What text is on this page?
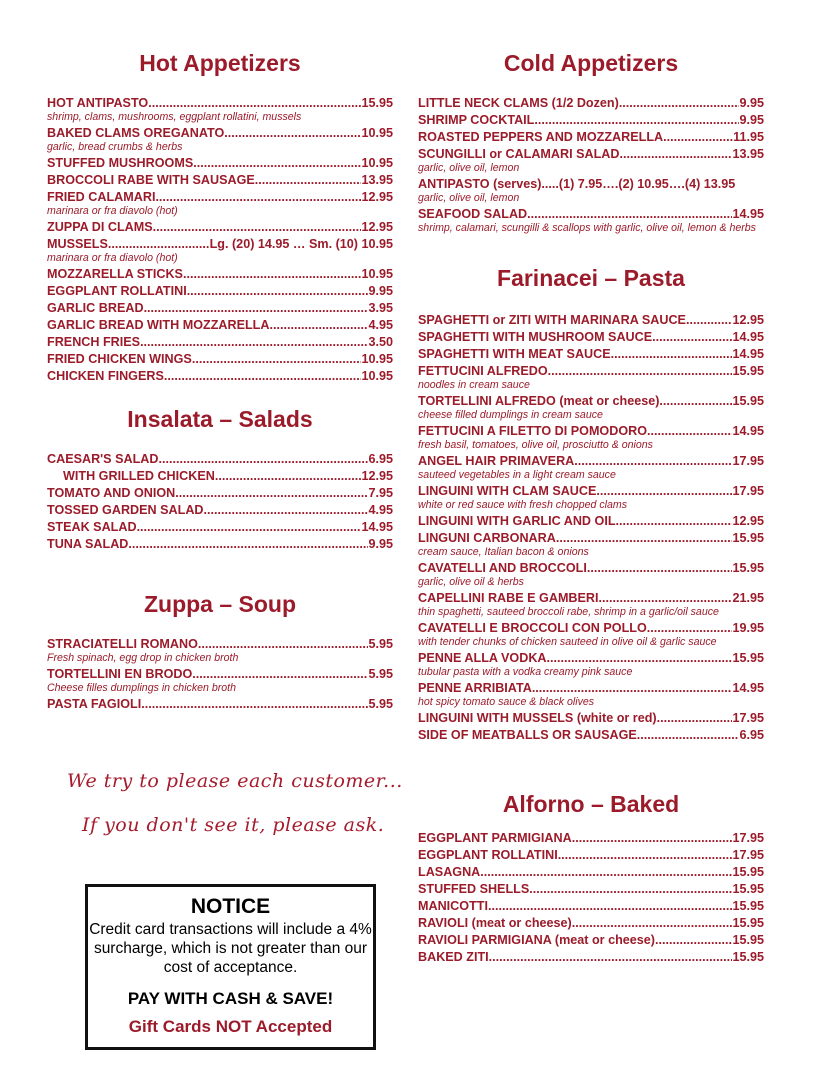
Hot Appetizers
HOT ANTIPASTO .....	15.95
shrimp, clams, mushrooms, eggplant rollatini, mussels
BAKED CLAMS OREGANATO .....	10.95
garlic, bread crumbs & herbs
STUFFED MUSHROOMS .....	10.95
BROCCOLI RABE WITH SAUSAGE .....	13.95
FRIED CALAMARI .....	12.95
marinara or fra diavolo (hot)
ZUPPA DI CLAMS .....	12.95
MUSSELS .....	Lg. (20) 14.95 … Sm. (10) 10.95
marinara or fra diavolo (hot)
MOZZARELLA STICKS .....	10.95
EGGPLANT ROLLATINI .....	9.95
GARLIC BREAD .....	3.95
GARLIC BREAD WITH MOZZARELLA .....	4.95
FRENCH FRIES .....	3.50
FRIED CHICKEN WINGS .....	10.95
CHICKEN FINGERS .....	10.95
Insalata – Salads
CAESAR'S SALAD .....	6.95
WITH GRILLED CHICKEN .....	12.95
TOMATO AND ONION .....	7.95
TOSSED GARDEN SALAD .....	4.95
STEAK SALAD .....	14.95
TUNA SALAD .....	9.95
Zuppa – Soup
STRACIATELLI ROMANO .....	5.95
Fresh spinach, egg drop in chicken broth
TORTELLINI EN BRODO .....	5.95
Cheese filles dumplings in chicken broth
PASTA FAGIOLI .....	5.95
We try to please each customer...
If you don't see it, please ask.
NOTICE
Credit card transactions will include a 4% surcharge, which is not greater than our cost of acceptance.
PAY WITH CASH & SAVE!
Gift Cards NOT Accepted
Cold Appetizers
LITTLE NECK CLAMS (1/2 Dozen) .....	9.95
SHRIMP COCKTAIL .....	9.95
ROASTED PEPPERS AND MOZZARELLA .....	11.95
SCUNGILLI or CALAMARI SALAD .....	13.95
garlic, olive oil, lemon
ANTIPASTO (serves).....(1) 7.95….(2) 10.95….(4) 13.95
garlic, olive oil, lemon
SEAFOOD SALAD .....	14.95
shrimp, calamari, scungilli & scallops with garlic, olive oil, lemon & herbs
Farinacei – Pasta
SPAGHETTI or ZITI WITH MARINARA SAUCE .....	12.95
SPAGHETTI WITH MUSHROOM SAUCE .....	14.95
SPAGHETTI WITH MEAT SAUCE .....	14.95
FETTUCINI ALFREDO .....	15.95
noodles in cream sauce
TORTELLINI ALFREDO (meat or cheese) .....	15.95
cheese filled dumplings in cream sauce
FETTUCINI A FILETTO DI POMODORO .....	14.95
fresh basil, tomatoes, olive oil, prosciutto & onions
ANGEL HAIR PRIMAVERA .....	17.95
sauteed vegetables in a light cream sauce
LINGUINI WITH CLAM SAUCE .....	17.95
white or red sauce with fresh chopped clams
LINGUINI WITH GARLIC AND OIL .....	12.95
LINGUNI CARBONARA .....	15.95
cream sauce, Italian bacon & onions
CAVATELLI AND BROCCOLI .....	15.95
garlic, olive oil & herbs
CAPELLINI RABE E GAMBERI .....	21.95
thin spaghetti, sauteed broccoli rabe, shrimp in a garlic/oil sauce
CAVATELLI E BROCCOLI CON POLLO .....	19.95
with tender chunks of chicken sauteed in olive oil & garlic sauce
PENNE ALLA VODKA .....	15.95
tubular pasta with a vodka creamy pink sauce
PENNE ARRIBIATA .....	14.95
hot spicy tomato sauce & black olives
LINGUINI WITH MUSSELS (white or red) .....	17.95
SIDE OF MEATBALLS OR SAUSAGE .....	6.95
Alforno – Baked
EGGPLANT PARMIGIANA .....	17.95
EGGPLANT ROLLATINI .....	17.95
LASAGNA .....	15.95
STUFFED SHELLS .....	15.95
MANICOTTI .....	15.95
RAVIOLI (meat or cheese) .....	15.95
RAVIOLI PARMIGIANA (meat or cheese) .....	15.95
BAKED ZITI .....	15.95
